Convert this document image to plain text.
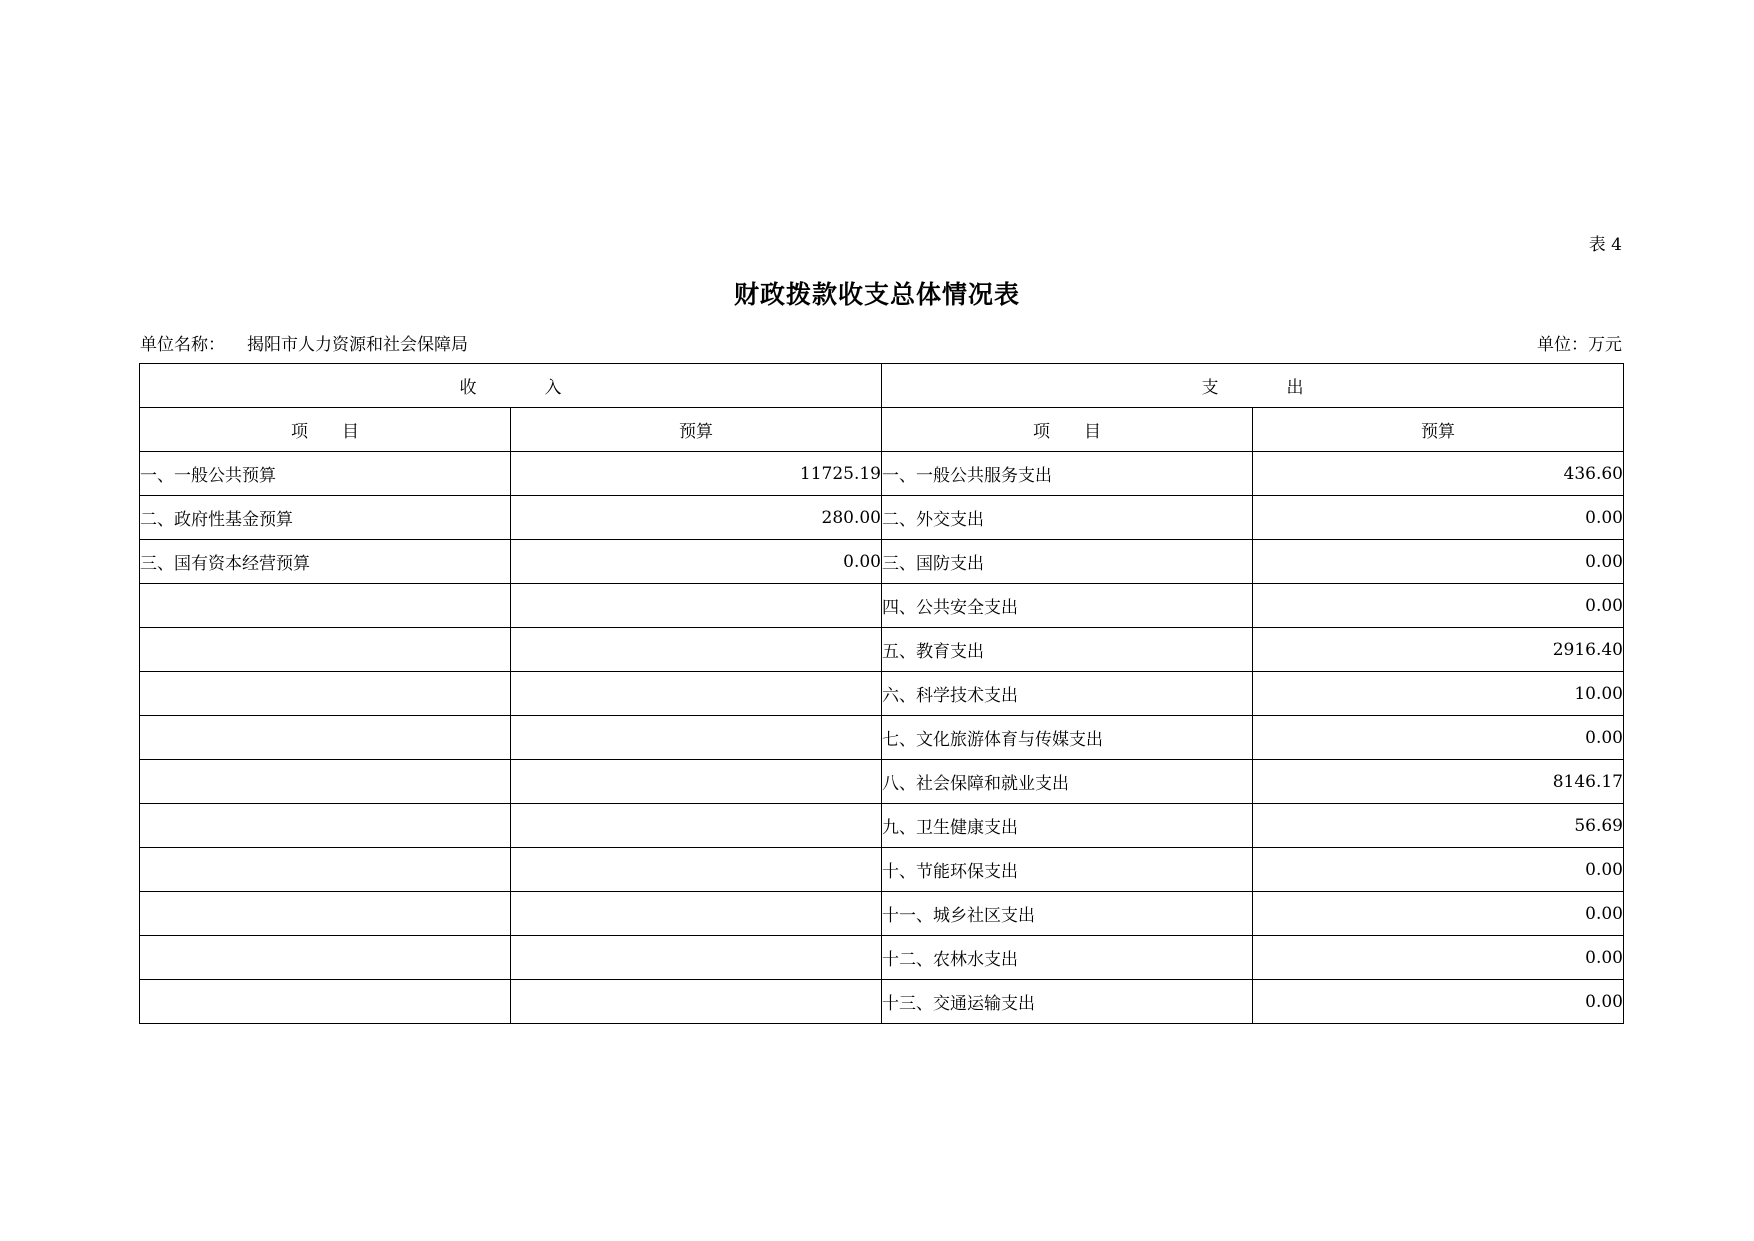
表 4
财政拨款收支总体情况表
单位名称： 揭阳市人力资源和社会保障局	单位：万元
收　　　　入		支　　　　出	
项　　目	预算	项　　目	预算
一、一般公共预算	11725.19	一、一般公共服务支出	436.60
二、政府性基金预算	280.00	二、外交支出	0.00
三、国有资本经营预算	0.00	三、国防支出	0.00
		四、公共安全支出	0.00
		五、教育支出	2916.40
		六、科学技术支出	10.00
		七、文化旅游体育与传媒支出	0.00
		八、社会保障和就业支出	8146.17
		九、卫生健康支出	56.69
		十、节能环保支出	0.00
		十一、城乡社区支出	0.00
		十二、农林水支出	0.00
		十三、交通运输支出	0.00
